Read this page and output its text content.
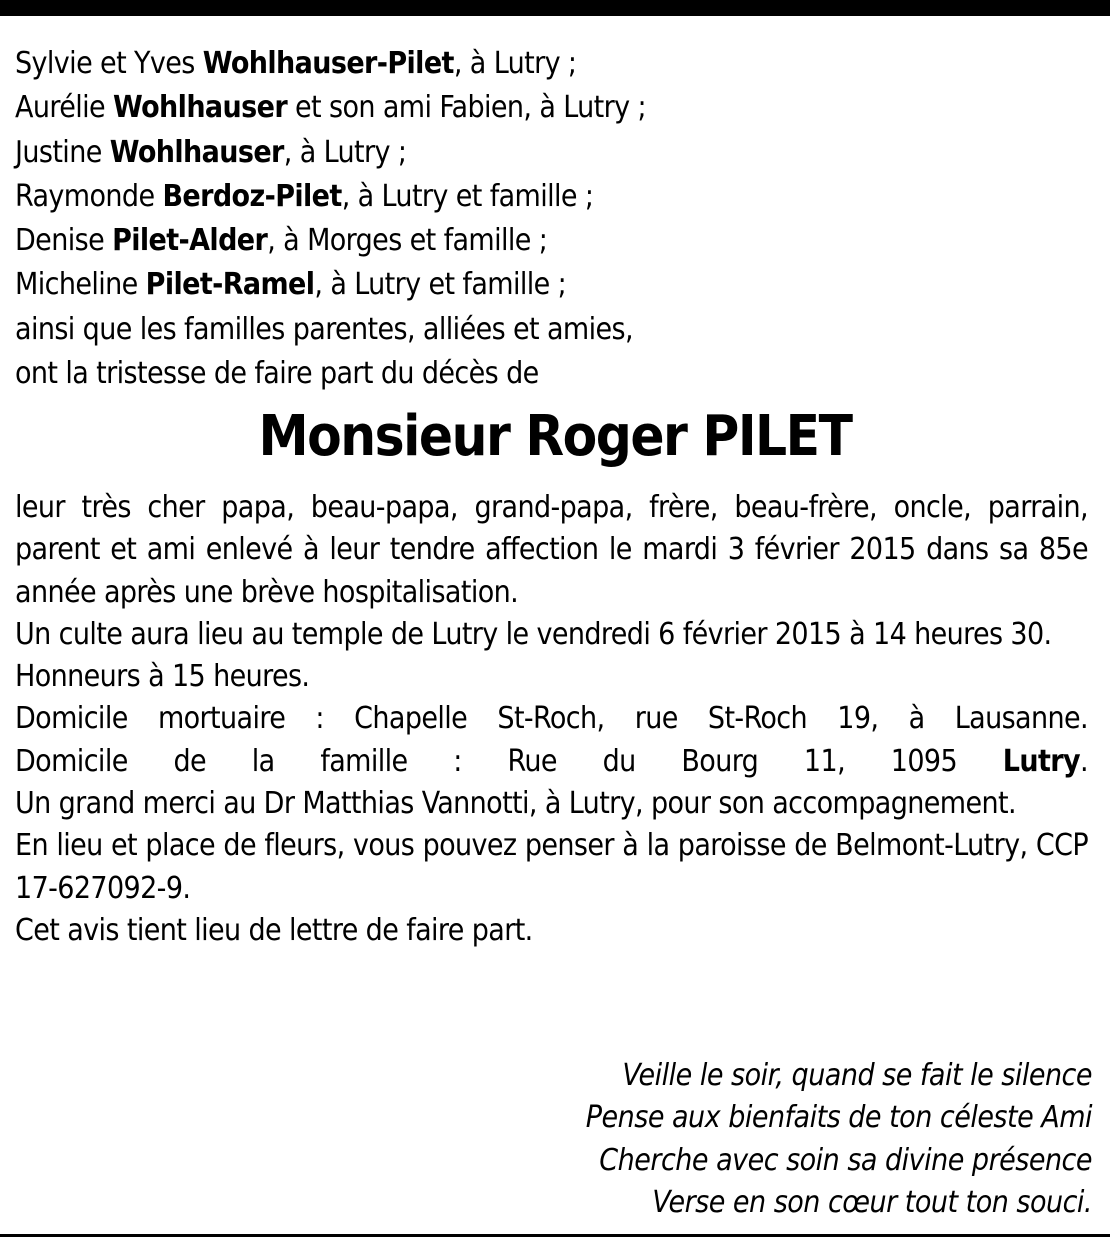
Sylvie et Yves Wohlhauser-Pilet, à Lutry ;
Aurélie Wohlhauser et son ami Fabien, à Lutry ;
Justine Wohlhauser, à Lutry ;
Raymonde Berdoz-Pilet, à Lutry et famille ;
Denise Pilet-Alder, à Morges et famille ;
Micheline Pilet-Ramel, à Lutry et famille ;
ainsi que les familles parentes, alliées et amies,
ont la tristesse de faire part du décès de
Monsieur Roger PILET
leur très cher papa, beau-papa, grand-papa, frère, beau-frère, oncle, parrain, parent et ami enlevé à leur tendre affection le mardi 3 février 2015 dans sa 85e année après une brève hospitalisation.
Un culte aura lieu au temple de Lutry le vendredi 6 février 2015 à 14 heures 30.
Honneurs à 15 heures.
Domicile mortuaire : Chapelle St-Roch, rue St-Roch 19, à Lausanne.
Domicile de la famille : Rue du Bourg 11, 1095 Lutry.
Un grand merci au Dr Matthias Vannotti, à Lutry, pour son accompagnement.
En lieu et place de fleurs, vous pouvez penser à la paroisse de Belmont-Lutry, CCP 17-627092-9.
Cet avis tient lieu de lettre de faire part.
Veille le soir, quand se fait le silence
Pense aux bienfaits de ton céleste Ami
Cherche avec soin sa divine présence
Verse en son cœur tout ton souci.
